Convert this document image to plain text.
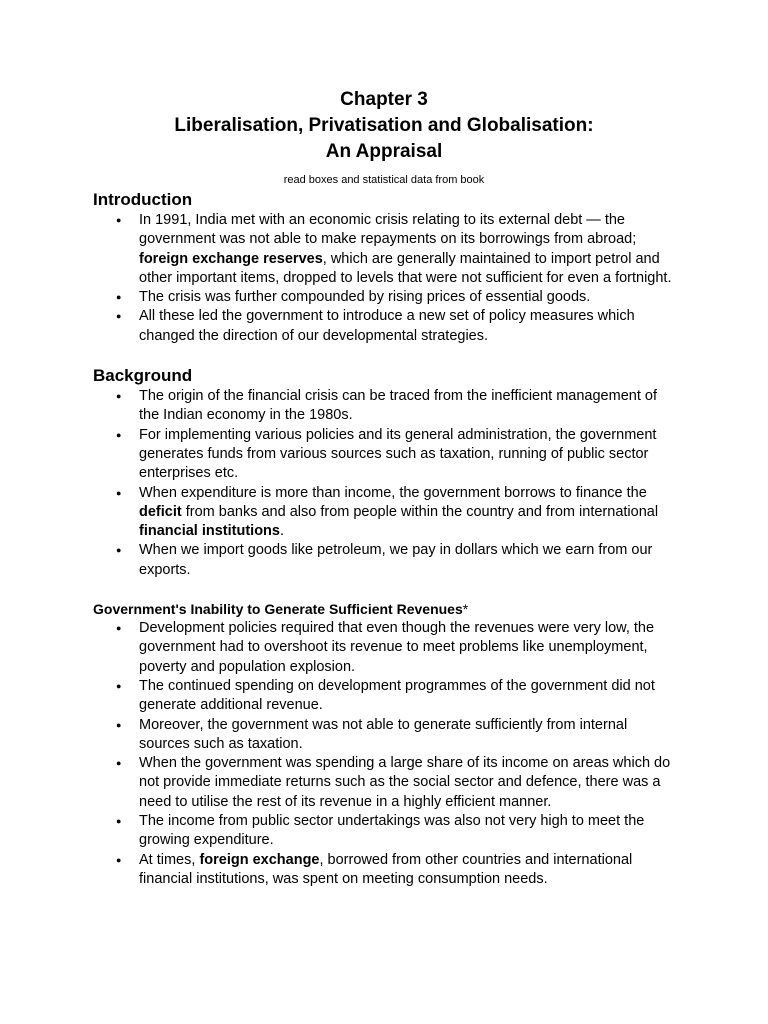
Chapter 3
Liberalisation, Privatisation and Globalisation:
An Appraisal
read boxes and statistical data from book
Introduction
● In 1991, India met with an economic crisis relating to its external debt — the government was not able to make repayments on its borrowings from abroad; foreign exchange reserves, which are generally maintained to import petrol and other important items, dropped to levels that were not sufficient for even a fortnight.
● The crisis was further compounded by rising prices of essential goods.
● All these led the government to introduce a new set of policy measures which changed the direction of our developmental strategies.
Background
● The origin of the financial crisis can be traced from the inefficient management of the Indian economy in the 1980s.
● For implementing various policies and its general administration, the government generates funds from various sources such as taxation, running of public sector enterprises etc.
● When expenditure is more than income, the government borrows to finance the deficit from banks and also from people within the country and from international financial institutions.
● When we import goods like petroleum, we pay in dollars which we earn from our exports.
Government's Inability to Generate Sufficient Revenues*
● Development policies required that even though the revenues were very low, the government had to overshoot its revenue to meet problems like unemployment, poverty and population explosion.
● The continued spending on development programmes of the government did not generate additional revenue.
● Moreover, the government was not able to generate sufficiently from internal sources such as taxation.
● When the government was spending a large share of its income on areas which do not provide immediate returns such as the social sector and defence, there was a need to utilise the rest of its revenue in a highly efficient manner.
● The income from public sector undertakings was also not very high to meet the growing expenditure.
● At times, foreign exchange, borrowed from other countries and international financial institutions, was spent on meeting consumption needs.
